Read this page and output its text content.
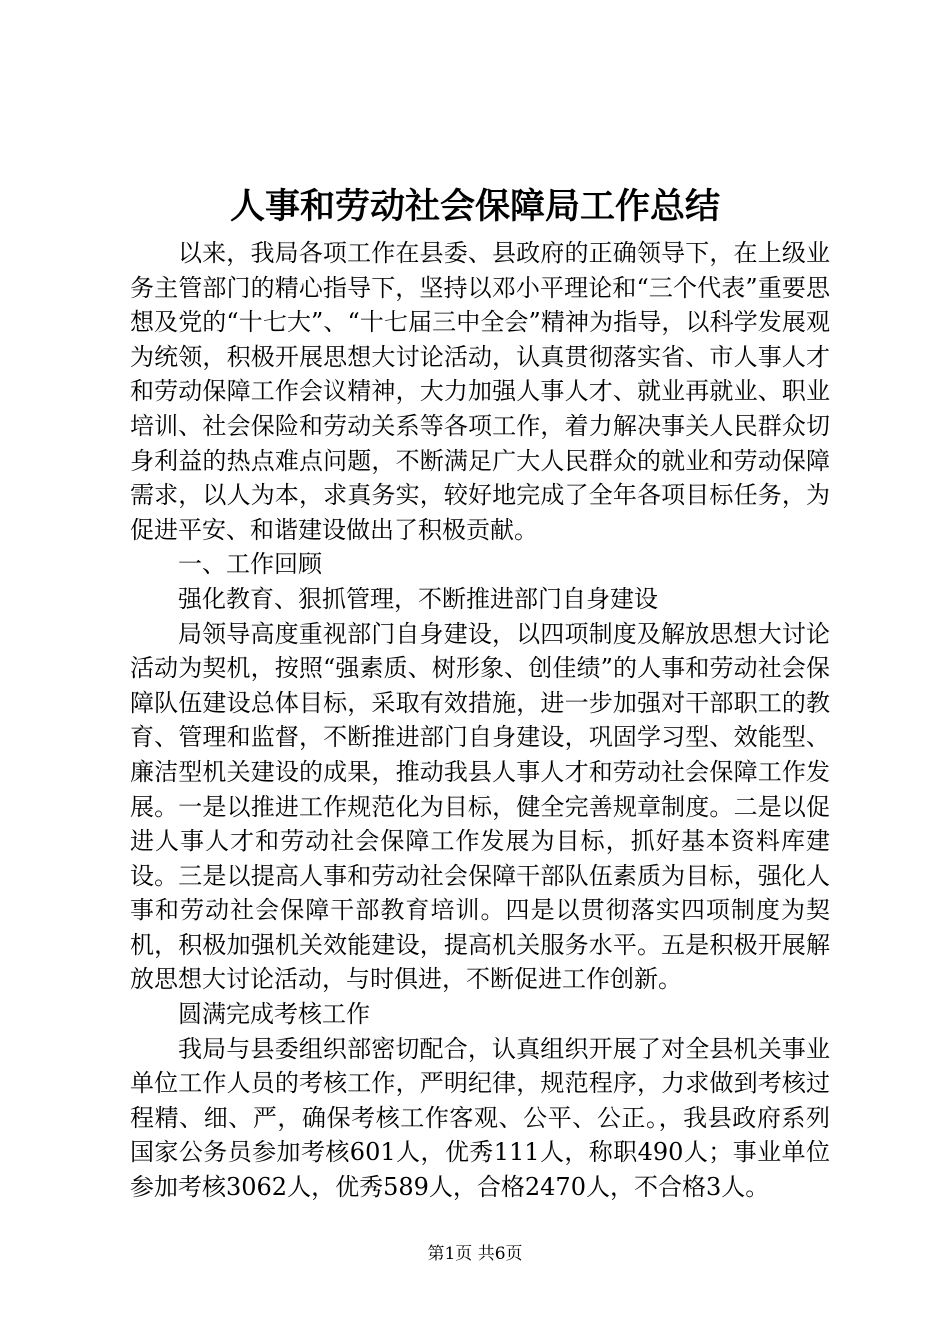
人事和劳动社会保障局工作总结

以来，我局各项工作在县委、县政府的正确领导下，在上级业务主管部门的精心指导下，坚持以邓小平理论和“三个代表”重要思想及党的“十七大”、“十七届三中全会”精神为指导，以科学发展观为统领，积极开展思想大讨论活动，认真贯彻落实省、市人事人才和劳动保障工作会议精神，大力加强人事人才、就业再就业、职业培训、社会保险和劳动关系等各项工作，着力解决事关人民群众切身利益的热点难点问题，不断满足广大人民群众的就业和劳动保障需求，以人为本，求真务实，较好地完成了全年各项目标任务，为促进平安、和谐建设做出了积极贡献。

一、工作回顾

强化教育、狠抓管理，不断推进部门自身建设

局领导高度重视部门自身建设，以四项制度及解放思想大讨论活动为契机，按照“强素质、树形象、创佳绩”的人事和劳动社会保障队伍建设总体目标，采取有效措施，进一步加强对干部职工的教育、管理和监督，不断推进部门自身建设，巩固学习型、效能型、廉洁型机关建设的成果，推动我县人事人才和劳动社会保障工作发展。一是以推进工作规范化为目标，健全完善规章制度。二是以促进人事人才和劳动社会保障工作发展为目标，抓好基本资料库建设。三是以提高人事和劳动社会保障干部队伍素质为目标，强化人事和劳动社会保障干部教育培训。四是以贯彻落实四项制度为契机，积极加强机关效能建设，提高机关服务水平。五是积极开展解放思想大讨论活动，与时俱进，不断促进工作创新。

圆满完成考核工作

我局与县委组织部密切配合，认真组织开展了对全县机关事业单位工作人员的考核工作，严明纪律，规范程序，力求做到考核过程精、细、严，确保考核工作客观、公平、公正。，我县政府系列国家公务员参加考核601人，优秀111人，称职490人；事业单位参加考核3062人，优秀589人，合格2470人，不合格3人。

第1页 共6页
